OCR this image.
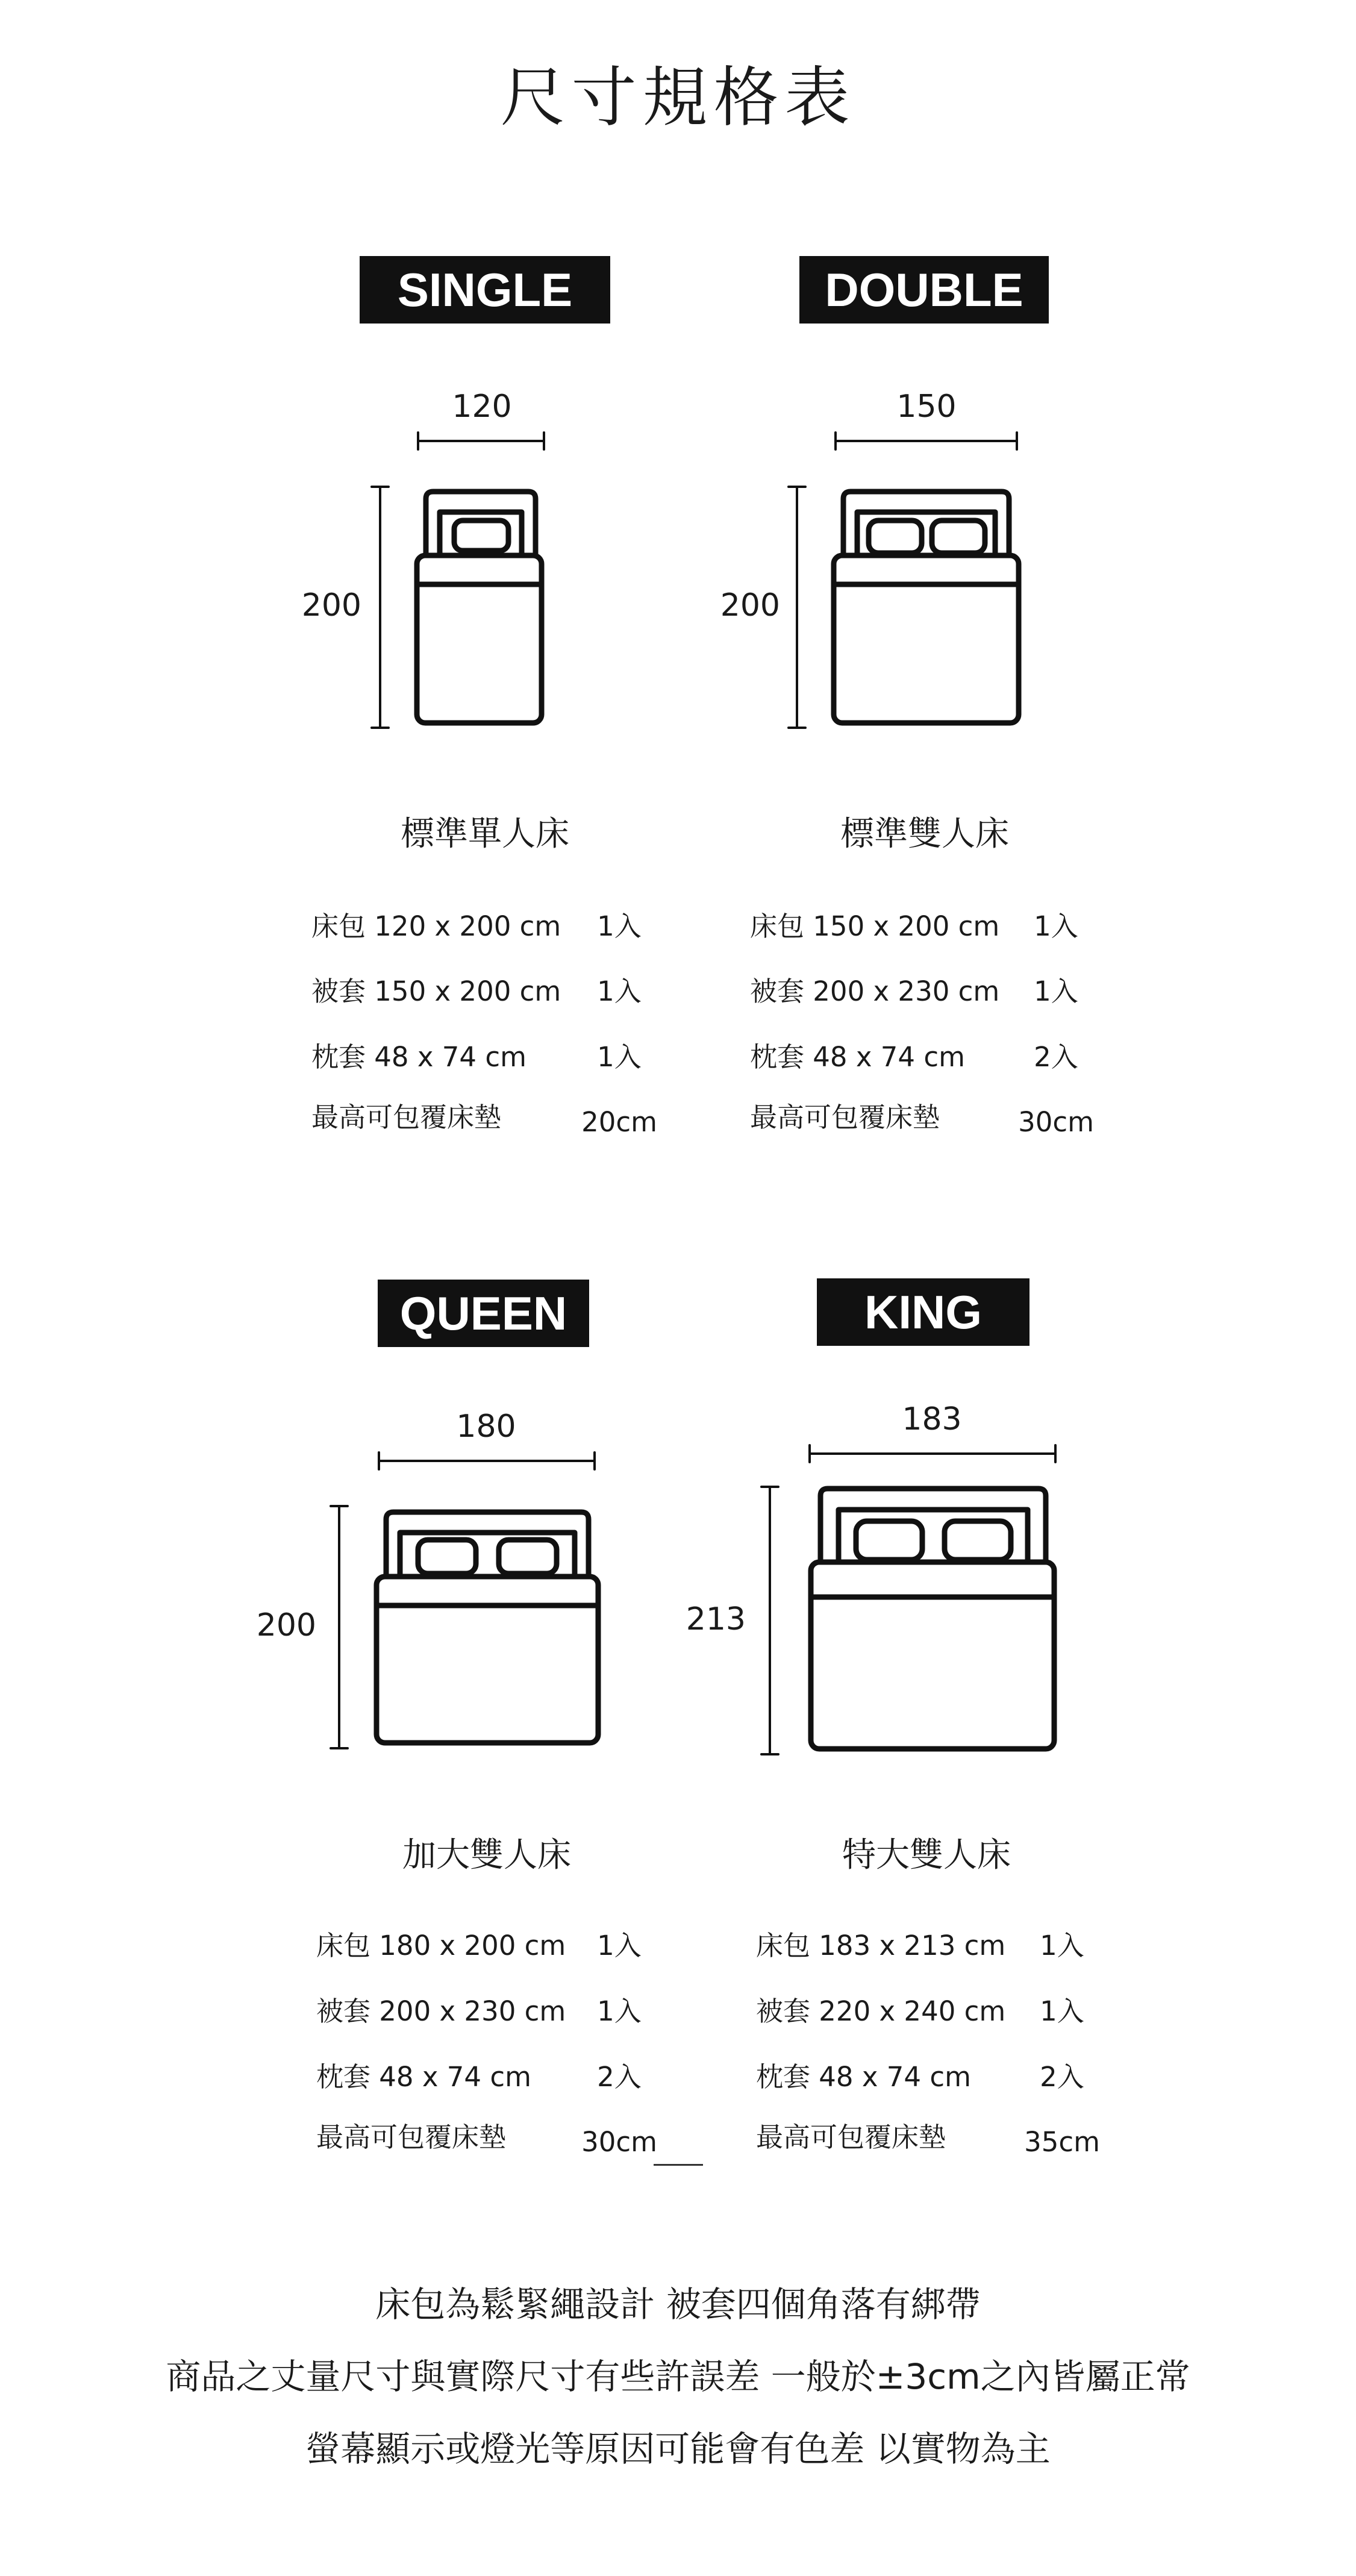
尺寸規格表
SINGLE
120
200
標準單人床
床包 120 x 200 cm	1入
被套 150 x 200 cm	1入
枕套 48 x 74 cm	1入
最高可包覆床墊	20cm
DOUBLE
150
200
標準雙人床
床包 150 x 200 cm	1入
被套 200 x 230 cm	1入
枕套 48 x 74 cm	2入
最高可包覆床墊	30cm
QUEEN
180
200
加大雙人床
床包 180 x 200 cm	1入
被套 200 x 230 cm	1入
枕套 48 x 74 cm	2入
最高可包覆床墊	30cm
KING
183
213
特大雙人床
床包 183 x 213 cm	1入
被套 220 x 240 cm	1入
枕套 48 x 74 cm	2入
最高可包覆床墊	35cm
床包為鬆緊繩設計 被套四個角落有綁帶
商品之丈量尺寸與實際尺寸有些許誤差 一般於±3cm之內皆屬正常
螢幕顯示或燈光等原因可能會有色差 以實物為主
